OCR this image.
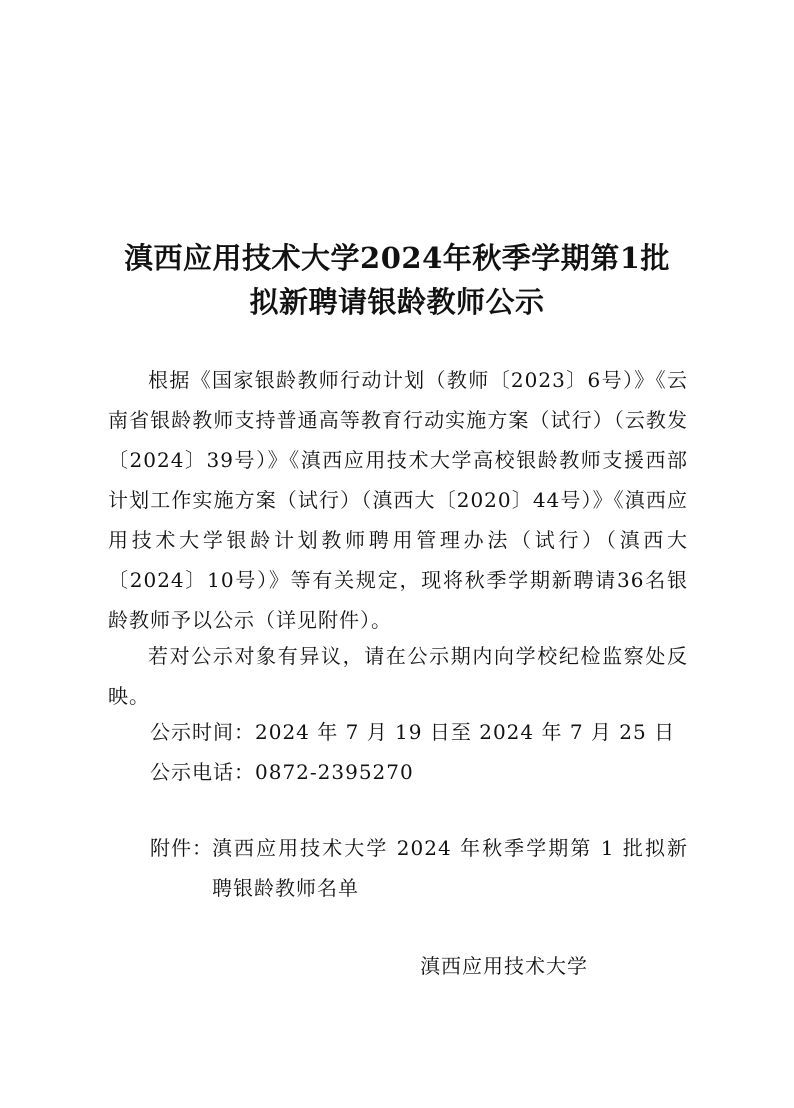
滇西应用技术大学2024年秋季学期第1批
拟新聘请银龄教师公示
根据《国家银龄教师行动计划（教师〔2023〕6号）》《云南省银龄教师支持普通高等教育行动实施方案（试行）（云教发〔2024〕39号）》《滇西应用技术大学高校银龄教师支援西部计划工作实施方案（试行）（滇西大〔2020〕44号）》《滇西应用技术大学银龄计划教师聘用管理办法（试行）（滇西大〔2024〕10号）》等有关规定，现将秋季学期新聘请36名银龄教师予以公示（详见附件）。
若对公示对象有异议，请在公示期内向学校纪检监察处反映。
公示时间：2024 年 7 月 19 日至 2024 年 7 月 25 日
公示电话：0872-2395270
附件： 滇西应用技术大学 2024 年秋季学期第 1 批拟新聘银龄教师名单
滇西应用技术大学
